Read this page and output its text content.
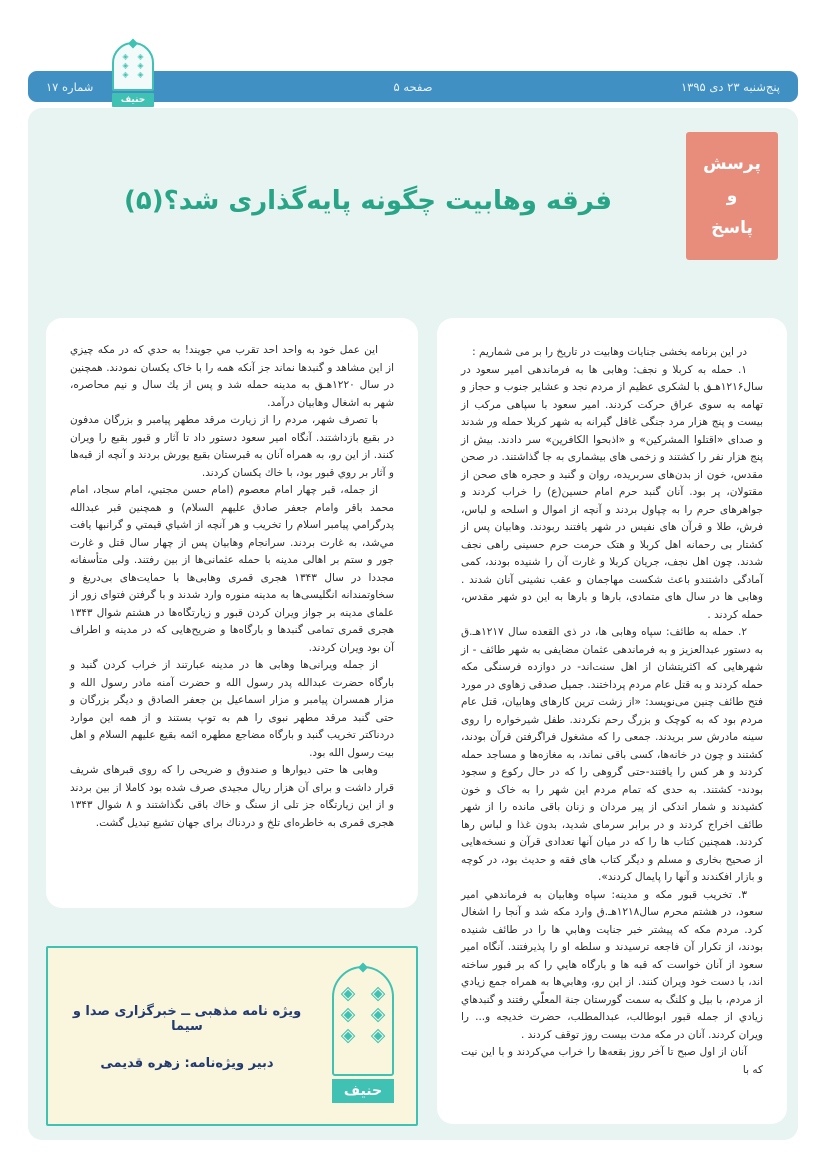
پنج‌شنبه ۲۳ دی ۱۳۹۵
صفحه ۵
شماره ۱۷
◈	◈
◈	◈
◈	◈
حنیف
پرسش
و
پاسخ
فرقه وهابیت چگونه پایه‌گذاری شد؟(۵)

در این برنامه بخشی جنایات وهابیت در تاریخ را بر می شماریم :

۱. حمله به کربلا و نجف: وهابی ها به فرماندهی امیر سعود در سال۱۲۱۶هـق با لشکری عظیم از مردم نجد و عشایر جنوب و حجاز و تهامه به سوی عراق حرکت کردند. امیر سعود با سپاهی مرکب از بیست و پنج هزار مرد جنگی غافل گیرانه به شهر کربلا حمله ور شدند و صدای «اقتلوا المشرکین» و «اذبحوا الکافرین» سر دادند. بیش از پنج هزار نفر را کشتند و زخمی های بیشماری به جا گذاشتند. در صحن مقدس، خون از بدن‌های سربریده، روان و گنبد و حجره های صحن از مقتولان، پر بود. آنان گنبد حرم امام حسین(ع) را خراب کردند و جواهرهای حرم را به چپاول بردند و آنچه از اموال و اسلحه و لباس، فرش، طلا و قرآن های نفیس در شهر یافتند ربودند. وهابیان پس از کشتار بی رحمانه اهل کربلا و هتک حرمت حرم حسینی راهی نجف شدند. چون اهل نجف، جریان کربلا و غارت آن را شنیده بودند، کمی آمادگی داشتندو باعث شکست مهاجمان و عقب نشینی آنان شدند . وهابی ها در سال های متمادی، بارها و بارها به این دو شهر مقدس، حمله کردند .

۲. حمله به طائف: سپاه وهابی ها، در ذی القعده سال ۱۲۱۷هـ.ق به دستور عبدالعزیز و به فرماندهی عثمان مضایفی به شهر طائف - از شهرهایی که اکثریتشان از اهل سنت‌اند- در دوازده فرسنگی مکه حمله کردند و به قتل عام مردم پرداختند. جمیل صدقی زهاوی در مورد فتح طائف چنین می‌نویسد: «از زشت ترین کارهای وهابیان، قتل عام مردم بود که به کوچک و بزرگ رحم نکردند. طفل شیرخواره را روی سینه مادرش سر بریدند. جمعی را که مشغول فراگرفتن قرآن بودند، کشتند و چون در خانه‌ها، کسی باقی نماند، به مغازه‌ها و مساجد حمله کردند و هر کس را یافتند-حتی گروهی را که در حال رکوع و سجود بودند- کشتند. به حدی که تمام مردم این شهر را به خاک و خون کشیدند و شمار اندکی از پیر مردان و زنان باقی مانده را از شهر طائف اخراج کردند و در برابر سرمای شدید، بدون غذا و لباس رها کردند. همچنین کتاب ها را که در میان آنها تعدادی قرآن و نسخه‌هایی از صحیح بخاری و مسلم و دیگر کتاب های فقه و حدیث بود، در کوچه و بازار افکندند و آنها را پایمال کردند».

۳. تخریب قبور مکه و مدینه: سپاه وهابیان به فرماندهي امیر سعود، در هشتم محرم سال۱۲۱۸هـ.ق وارد مکه شد و آنجا را اشغال کرد. مردم مکه که پیشتر خبر جنایت وهابي ها را در طائف شنیده بودند، از تکرار آن فاجعه ترسیدند و سلطه او را پذیرفتند. آنگاه امیر سعود از آنان خواست که قبه ها و بارگاه هایي را که بر قبور ساخته اند، با دست خود ویران کنند. از این رو، وهابي‌ها به همراه جمع زیادي از مردم، با بیل و کلنگ به سمت گورستان جنة المعلّي رفتند و گنبدهاي زیادي از جمله قبور ابوطالب، عبدالمطلب، حضرت خدیجه و... را ویران کردند. آنان در مکه مدت بیست روز توقف کردند .

آنان از اول صبح تا آخر روز بقعه‌ها را خراب مي‌کردند و با این نیت که با

این عمل خود به واحد احد تقرب مي جویند! به حدي که در مکه چیزي از این مشاهد و گنبدها نماند جز آنکه همه را با خاک یکسان نمودند. همچنین در سال ۱۲۲۰هـق به مدینه حمله شد و پس از یك سال و نیم محاصره، شهر به اشغال وهابیان درآمد.

با تصرف شهر، مردم را از زیارت مرقد مطهر پیامبر و بزرگان مدفون در بقیع بازداشتند. آنگاه امیر سعود دستور داد تا آثار و قبور بقیع را ویران کنند. از این رو، به همراه آنان به قبرستان بقیع یورش بردند و آنچه از قبه‌ها و آثار بر روي قبور بود، با خاك یکسان کردند.

از جمله، قبر چهار امام معصوم (امام حسن مجتبي، امام سجاد، امام محمد باقر وامام جعفر صادق علیهم السلام) و همچنین قبر عبدالله پدرگرامي پیامبر اسلام را تخریب و هر آنچه از اشیاي قیمتي و گرانبها یافت مي‌شد، به غارت بردند. سرانجام وهابیان پس از چهار سال قتل و غارت جور و ستم بر اهالی مدینه با حمله عثمانی‌ها از بین رفتند. ولی متأسفانه مجددا در سال ۱۳۴۳ هجری قمری وهابی‌ها با حمایت‌های بی‌دریغ و سخاوتمندانه انگلیسی‌ها به مدینه منوره وارد شدند و با گرفتن فتوای زور از علمای مدینه بر جواز ویران کردن قبور و زیارتگاه‌ها در هشتم شوال ۱۳۴۳ هجری قمری تمامی گنبدها و بارگاه‌ها و ضریح‌هایی که در مدینه و اطراف آن بود ویران کردند.

از جمله ویرانی‌ها وهابی ها در مدینه عبارتند از خراب کردن گنبد و بارگاه حضرت عبدالله پدر رسول الله و حضرت آمنه مادر رسول الله و مزار همسران پیامبر و مزار اسماعیل بن جعفر الصادق و دیگر بزرگان و حتی گنبد مرقد مطهر نبوی را هم به توپ بستند و از همه این موارد دردناکتر تخریب گنبد و بارگاه مضاجع مطهره ائمه بقیع علیهم السلام و اهل بیت رسول الله بود.

وهابی ها حتی دیوارها و صندوق و ضریحی را که روی قبرهای شریف قرار داشت و برای آن هزار ریال مجیدی صرف شده بود کاملا از بین بردند و از این زیارتگاه جز تلی از سنگ و خاك باقی نگذاشتند و ۸ شوال ۱۳۴۳ هجری قمری به خاطره‌ای تلخ و دردناك برای جهان تشیع تبدیل گشت.

◈
◈
◈
◈
◈
◈
حنیف
ویژه نامه مذهبی ــ خبرگزاری صدا و سیما
دبیر ویژه‌نامه: زهره قدیمی
